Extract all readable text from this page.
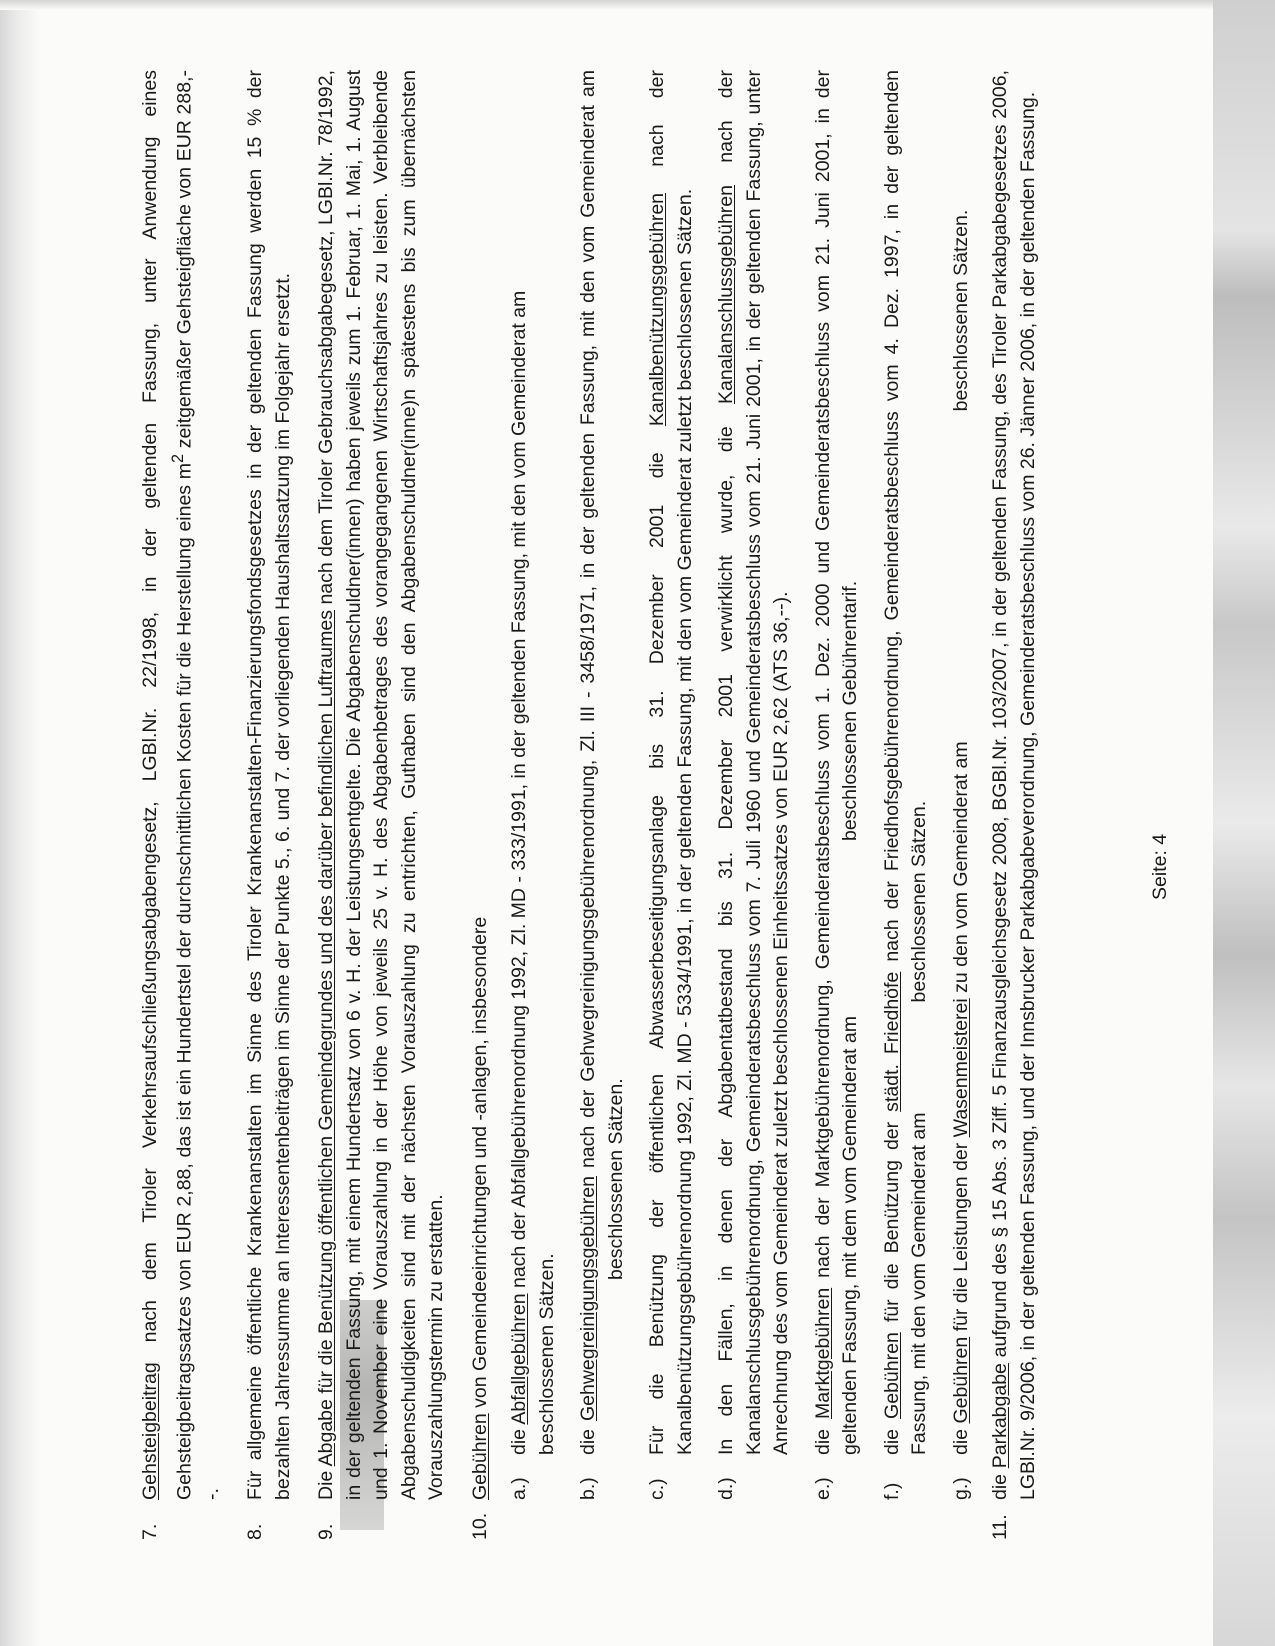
7.
Gehsteigbeitrag nach dem Tiroler Verkehrsaufschließungsabgabengesetz, LGBl.Nr. 22/1998, in der geltenden Fassung, unter Anwendung eines Gehsteigbeitragssatzes von EUR 2,88, das ist ein Hundertstel der durchschnittlichen Kosten für die Herstellung eines $m^2$ zeitgemäßer Gehsteigfläche von EUR 288,--.
8.
Für allgemeine öffentliche Krankenanstalten im Sinne des Tiroler Krankenanstalten-Finanzierungsfondsgesetzes in der geltenden Fassung werden 15 % der bezahlten Jahressumme an Interessentenbeiträgen im Sinne der Punkte 5., 6. und 7. der vorliegenden Haushaltssatzung im Folgejahr ersetzt.
9.
Die Abgabe für die Benützung öffentlichen Gemeindegrundes und des darüber befindlichen Luftraumes nach dem Tiroler Gebrauchsabgabegesetz, LGBl.Nr. 78/1992, in der geltenden Fassung, mit einem Hundertsatz von 6 v. H. der Leistungsentgelte. Die Abgabenschuldner(innen) haben jeweils zum 1. Februar, 1. Mai, 1. August und 1. November eine Vorauszahlung in der Höhe von jeweils 25 v. H. des Abgabenbetrages des vorangegangenen Wirtschaftsjahres zu leisten. Verbleibende Abgabenschuldigkeiten sind mit der nächsten Vorauszahlung zu entrichten, Guthaben sind den Abgabenschuldner(inne)n spätestens bis zum übernächsten Vorauszahlungstermin zu erstatten.
10.
Gebühren von Gemeindeeinrichtungen und -anlagen, insbesondere
a.)
die Abfallgebühren nach der Abfallgebührenordnung 1992, Zl. MD - 333/1991, in der geltenden Fassung, mit den vom Gemeinderat am
beschlossenen Sätzen.
b.)
die Gehwegreinigungsgebühren nach der Gehwegreinigungsgebührenordnung, Zl. III - 3458/1971, in der geltenden Fassung, mit den vom Gemeinderat ambeschlossenen Sätzen.
c.)
Für die Benützung der öffentlichen Abwasserbeseitigungsanlage bis 31. Dezember 2001 die Kanalbenützungsgebühren nach der Kanalbenützungsgebührenordnung 1992, Zl. MD - 5334/1991, in der geltenden Fassung, mit den vom Gemeinderat zuletzt beschlossenen Sätzen.
d.)
In den Fällen, in denen der Abgabentatbestand bis 31. Dezember 2001 verwirklicht wurde, die Kanalanschlussgebühren nach der Kanalanschlussgebührenordnung, Gemeinderatsbeschluss vom 7. Juli 1960 und Gemeinderatsbeschluss vom 21. Juni 2001, in der geltenden Fassung, unter Anrechnung des vom Gemeinderat zuletzt beschlossenen Einheitssatzes von EUR 2,62 (ATS 36,--).
e.)
die Marktgebühren nach der Marktgebührenordnung, Gemeinderatsbeschluss vom 1. Dez. 2000 und Gemeinderatsbeschluss vom 21. Juni 2001, in der geltenden Fassung, mit dem vom Gemeinderat ambeschlossenen Gebührentarif.
f.)
die Gebühren für die Benützung der städt. Friedhöfe nach der Friedhofsgebührenordnung, Gemeinderatsbeschluss vom 4. Dez. 1997, in der geltenden Fassung, mit den vom Gemeinderat ambeschlossenen Sätzen.
g.)
die Gebühren für die Leistungen der Wasenmeisterei zu den vom Gemeinderat ambeschlossenen Sätzen.
11.
die Parkabgabe aufgrund des § 15 Abs. 3 Ziff. 5 Finanzausgleichsgesetz 2008, BGBl.Nr. 103/2007, in der geltenden Fassung, des Tiroler Parkabgabegesetzes 2006, LGBl.Nr. 9/2006, in der geltenden Fassung, und der Innsbrucker Parkabgabeverordnung, Gemeinderatsbeschluss vom 26. Jänner 2006, in der geltenden Fassung.	Seite: 4
